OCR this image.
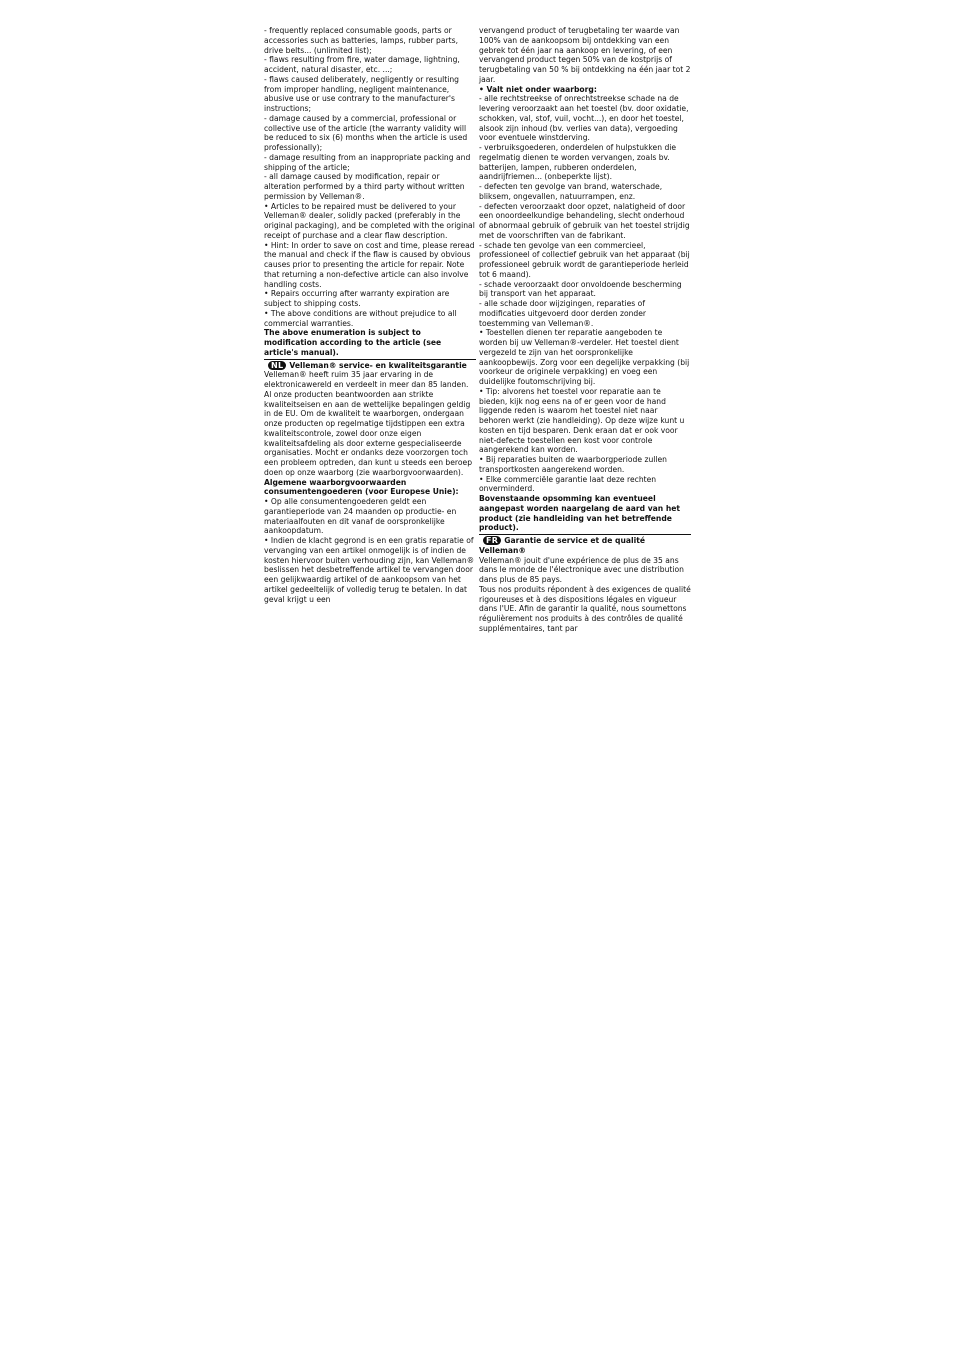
- frequently replaced consumable goods, parts or accessories such as batteries, lamps, rubber parts, drive belts... (unlimited list);

- flaws resulting from fire, water damage, lightning, accident, natural disaster, etc. ...;

- flaws caused deliberately, negligently or resulting from improper handling, negligent maintenance, abusive use or use contrary to the manufacturer's instructions;

- damage caused by a commercial, professional or collective use of the article (the warranty validity will be reduced to six (6) months when the article is used professionally);

- damage resulting from an inappropriate packing and shipping of the article;

- all damage caused by modification, repair or alteration performed by a third party without written permission by Velleman®.

• Articles to be repaired must be delivered to your Velleman® dealer, solidly packed (preferably in the original packaging), and be completed with the original receipt of purchase and a clear flaw description.

• Hint: In order to save on cost and time, please reread the manual and check if the flaw is caused by obvious causes prior to presenting the article for repair. Note that returning a non-defective article can also involve handling costs.

• Repairs occurring after warranty expiration are subject to shipping costs.

• The above conditions are without prejudice to all commercial warranties.

The above enumeration is subject to modification according to the article (see article's manual).

NL Velleman® service- en kwaliteitsgarantie

Velleman® heeft ruim 35 jaar ervaring in de elektronicawereld en verdeelt in meer dan 85 landen.

Al onze producten beantwoorden aan strikte kwaliteitseisen en aan de wettelijke bepalingen geldig in de EU. Om de kwaliteit te waarborgen, ondergaan onze producten op regelmatige tijdstippen een extra kwaliteitscontrole, zowel door onze eigen kwaliteitsafdeling als door externe gespecialiseerde organisaties. Mocht er ondanks deze voorzorgen toch een probleem optreden, dan kunt u steeds een beroep doen op onze waarborg (zie waarborgvoorwaarden).

Algemene waarborgvoorwaarden consumentengoederen (voor Europese Unie):

• Op alle consumentengoederen geldt een garantieperiode van 24 maanden op productie- en materiaalfouten en dit vanaf de oorspronkelijke aankoopdatum.

• Indien de klacht gegrond is en een gratis reparatie of vervanging van een artikel onmogelijk is of indien de kosten hiervoor buiten verhouding zijn, kan Velleman® beslissen het desbetreffende artikel te vervangen door een gelijkwaardig artikel of de aankoopsom van het artikel gedeeltelijk of volledig terug te betalen. In dat geval krijgt u een

vervangend product of terugbetaling ter waarde van 100% van de aankoopsom bij ontdekking van een gebrek tot één jaar na aankoop en levering, of een vervangend product tegen 50% van de kostprijs of terugbetaling van 50 % bij ontdekking na één jaar tot 2 jaar.

• Valt niet onder waarborg:

- alle rechtstreekse of onrechtstreekse schade na de levering veroorzaakt aan het toestel (bv. door oxidatie, schokken, val, stof, vuil, vocht...), en door het toestel, alsook zijn inhoud (bv. verlies van data), vergoeding voor eventuele winstderving.

- verbruiksgoederen, onderdelen of hulpstukken die regelmatig dienen te worden vervangen, zoals bv. batterijen, lampen, rubberen onderdelen, aandrijfriemen... (onbeperkte lijst).

- defecten ten gevolge van brand, waterschade, bliksem, ongevallen, natuurrampen, enz.

- defecten veroorzaakt door opzet, nalatigheid of door een onoordeelkundige behandeling, slecht onderhoud of abnormaal gebruik of gebruik van het toestel strijdig met de voorschriften van de fabrikant.

- schade ten gevolge van een commercieel, professioneel of collectief gebruik van het apparaat (bij professioneel gebruik wordt de garantieperiode herleid tot 6 maand).

- schade veroorzaakt door onvoldoende bescherming bij transport van het apparaat.

- alle schade door wijzigingen, reparaties of modificaties uitgevoerd door derden zonder toestemming van Velleman®.

• Toestellen dienen ter reparatie aangeboden te worden bij uw Velleman®-verdeler. Het toestel dient vergezeld te zijn van het oorspronkelijke aankoopbewijs. Zorg voor een degelijke verpakking (bij voorkeur de originele verpakking) en voeg een duidelijke foutomschrijving bij.

• Tip: alvorens het toestel voor reparatie aan te bieden, kijk nog eens na of er geen voor de hand liggende reden is waarom het toestel niet naar behoren werkt (zie handleiding). Op deze wijze kunt u kosten en tijd besparen. Denk eraan dat er ook voor niet-defecte toestellen een kost voor controle aangerekend kan worden.

• Bij reparaties buiten de waarborgperiode zullen transportkosten aangerekend worden.

• Elke commerciële garantie laat deze rechten onverminderd.

Bovenstaande opsomming kan eventueel aangepast worden naargelang de aard van het product (zie handleiding van het betreffende product).

FR Garantie de service et de qualité Velleman®

Velleman® jouit d'une expérience de plus de 35 ans dans le monde de l'électronique avec une distribution dans plus de 85 pays.

Tous nos produits répondent à des exigences de qualité rigoureuses et à des dispositions légales en vigueur dans l'UE. Afin de garantir la qualité, nous soumettons régulièrement nos produits à des contrôles de qualité supplémentaires, tant par
